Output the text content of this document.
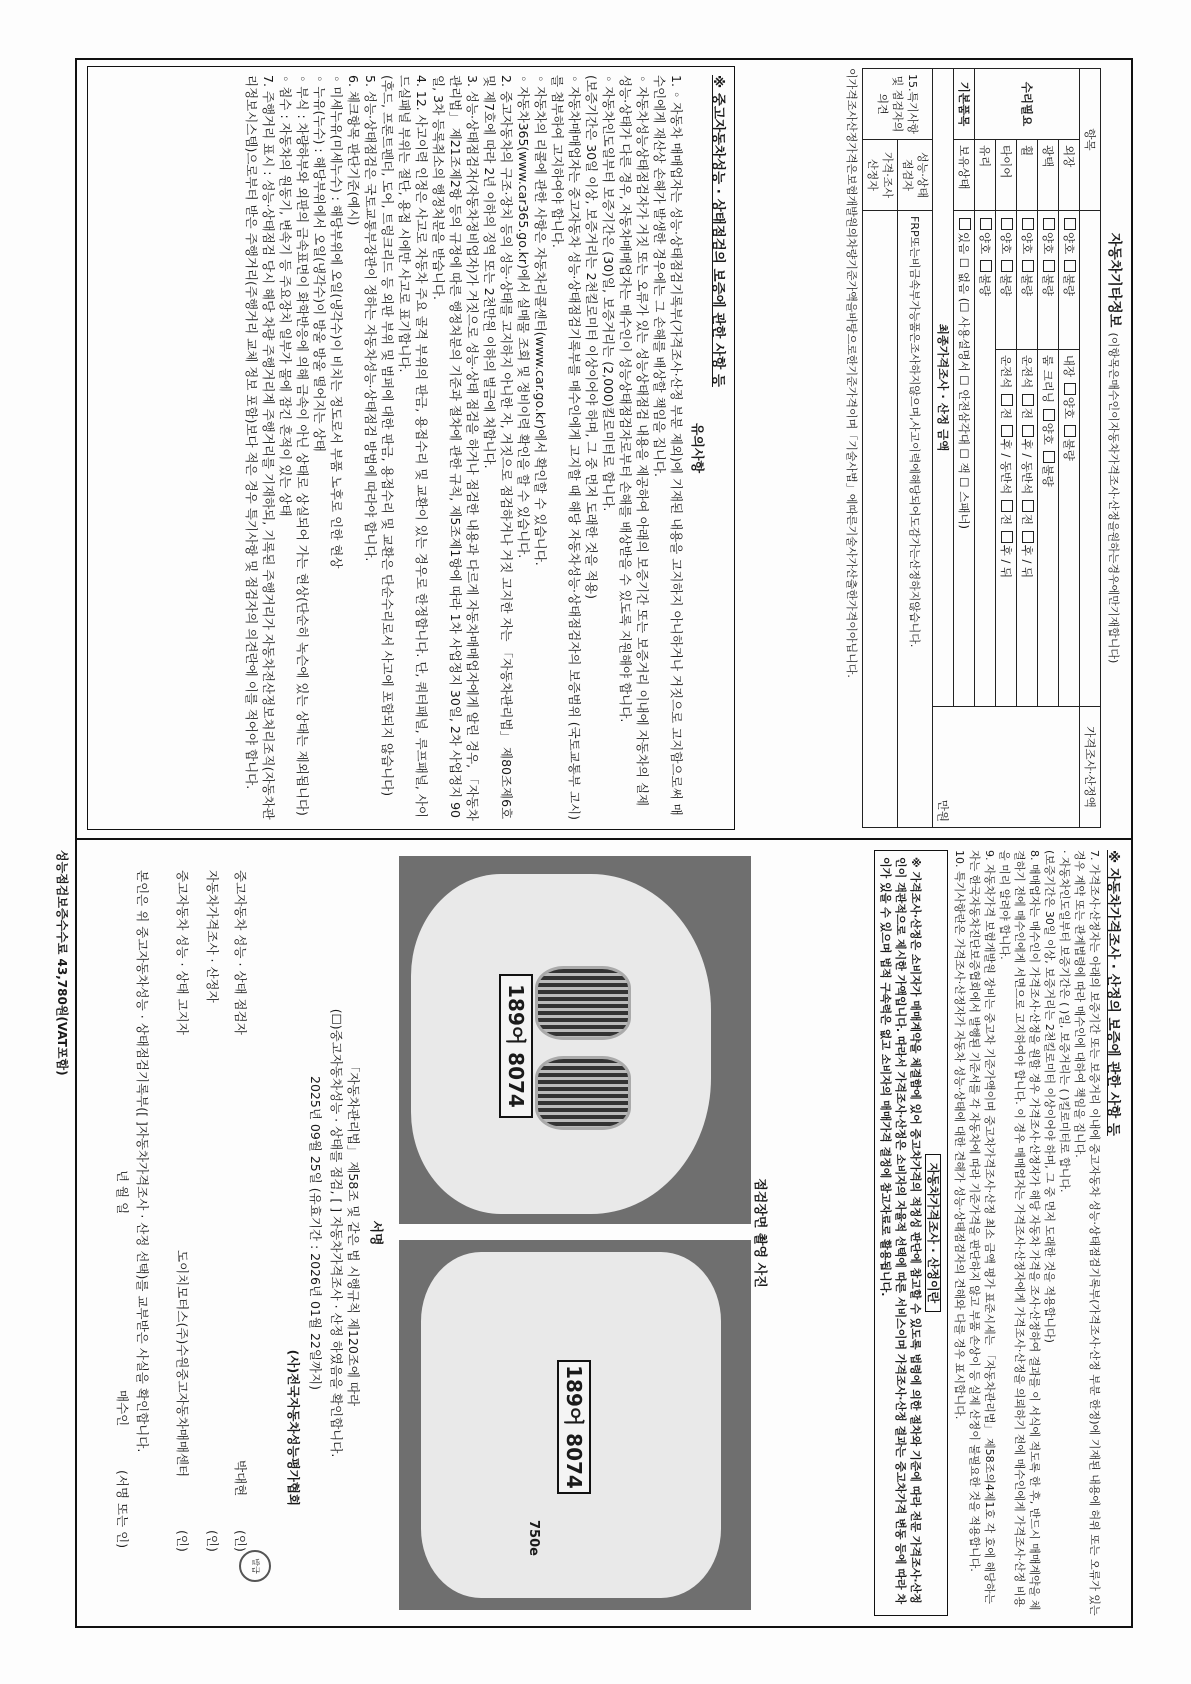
자동차기타정보 (이항목은매수인이자동차가격조사·산정을원하는경우에만기재합니다)
항목				가격조사·산정액
수리필요	외장	양호 불량	내장 양호 불량	만원
	광택	양호 불량	룸 크리닝 양호 불량	
	휠	양호 불량	운전석 전 후 / 동반석 전 후 / 뒤	
	타이어	양호 불량	운전석 전 후 / 동반석 전 후 / 뒤	
	유리	양호 불량		
기본품목	보유상태	있음 ☐ 없음 (☐ 사용설명서 ☐ 안전삼각대 ☐ 잭 ☐ 스패너)		
최종가격조사 · 산정 금액				
15.특기사항및 점검자의의견	성능·상태 점검자	FRP또는비금속부가능품은조사하지않으며,사고이력에해당되어도감가는산정하지않습니다.		
	가격·조사 산정자			
이가격조사산정가격은보험개발원의차량기준가액을바탕으로한기준가격이며「기술사법」에따른기술사가산출한가격이아닙니다.
※ 중고자동차성능 · 상태점검의 보증에 관한 사항 등
유의사항
1. ◦ 자동차 매매업자는 성능·상태점검기록부(가격조사·산정 부분 제외)에 기재된 내용을 고지하지 아니하거나 거짓으로 고지함으로써 매수인에게 재산상 손해가 발생한 경우에는 그 손해를 배상할 책임을 집니다.
◦ 자동차성능상태점검자가 거짓 또는 오류가 있는 성능상태점검 내용을 제공하여 아래의 보증기간 또는 보증거리 이내에 자동차의 실제 성능·상태가 다른 경우, 자동차매매업자는 매수인이 성능상태점검자로부터 손해를 배상받을 수 있도록 지원해야 합니다.
◦ 자동차인도일부터 보증기간은 (30)일, 보증거리는 (2,000)킬로미터로 합니다.
(보증기간은 30일 이상, 보증거리는 2천킬로미터 이상이어야 하며, 그 중 먼저 도래한 것을 적용)
◦ 자동차매매업자는 중고자동차 성능·상태점검기록부를 매수인에게 고지할 때 해당 자동차성능·상태점검자의 보증범위 (국토교통부 고시)를 첨부하여 고지하여야 합니다.
◦ 자동차의 리콜에 관한 사항은 자동차리콜센터(www.car.go.kr)에서 확인할 수 있습니다.
◦ 자동차365(www.car365.go.kr)에서 실매물 조회 및 정비이력 확인을 할 수 있습니다.
2. 중고자동차의 구조·장치 등의 성능·상태를 고지하지 아니한 자, 거짓으로 점검하거나 거짓 고지한 자는 「자동차관리법」 제80조제6호 및 제7호에 따라 2년 이하의 징역 또는 2천만원 이하의 벌금에 처합니다.
3. 성능·상태점검자(자동차정비업자)가 거짓으로 성능·상태 점검을 하거나 점검한 내용과 다르게 자동차매매업자에게 알린 경우, 「자동차관리법」 제21조제2항 등의 규정에 따른 행정처분의 기준과 절차에 관한 규칙, 제5조제1항에 따라 1차 사업정지 30일, 2차 사업정지 90일, 3차 등록취소의 행정처분을 받습니다.
4. 12. 사고이력 인정은 사고로 자동차 주요 골격 부위의 판금, 용접수리 및 교환이 있는 경우로 한정합니다. 단, 쿼터패널, 루프패널, 사이드실패널 부위는 절단, 용접 시에만 사고로 표기합니다.
(후드, 프론트펜더, 도어, 트렁크리드 등 외판 부위 및 범퍼에 대한 판금, 용접수리 및 교환은 단순수리로서 사고에 포함되지 않습니다)
5. 성능·상태점검은 국토교통부장관이 정하는 자동차성능·상태점검 방법에 따라야 합니다.
6. 체크항목 판단기준(예시)
◦ 미세누유(미세누수) : 해당부위에 오일(냉각수)이 비치는 정도로서 부품 노후로 인한 현상
◦ 누유(누수) : 해당부위에서 오일(냉각수)이 방울 방울 떨어지는 상태
◦ 부식 : 차량하부와 외판의 금속표면이 화학반응에 의해 금속이 아닌 상태로 상실되어 가는 현상(단순히 녹슨에 있는 상태는 제외됩니다)
◦ 침수 : 자동차의 원동기, 변속기 등 주요장치 일부가 물에 잠긴 흔적이 있는 상태
7. 주행거리 표시 : 성능·상태점검 당시 해당 차량 주행거리계 주행거리를 기재하되, 기록된 주행거리가 자동차전산정보처리조직(자동차관리정보시스템)으로부터 받은 주행거리(주행거리 교체 정보 포함)보다 적은 경우 특기사항 및 점검자의 의견란에 이를 적어야 합니다.
※ 자동차가격조사 · 산정의 보증에 관한 사항 등
7. 가격조사·산정자는 아래의 보증기간 또는 보증거리 이내에 중고자동차 성능·상태점검기록부(가격조사·산정 부분 한정)에 기재된 내용에 허위 또는 오류가 있는 경우 계약 또는 관계법령에 따라 매수인에 대하여 책임을 집니다.
· 자동차인도일부터 보증기간은 ( )일, 보증거리는 ( )킬로미터로 합니다.
(보증기간은 30일 이상, 보증거리는 2천킬로미터 이상이어야 하며, 그 중 먼저 도래한 것을 적용합니다)
8. 매매업자는 매수인이 가격조사·산정을 원할 경우 가격조사·산정자가 해당 자동차 가격을 조사·산정하여 결과를 이 서식에 적도록 한 후, 반드시 매매계약을 체결하기 전에 매수인에게 서면으로 고지하여야 합니다. 이 경우 매매업자는 가격조사·산정자에게 가격조사·산정을 의뢰하기 전에 매수인에게 가격조사·산정 비용을 미리 알려야 합니다.
9. 자동차가격 보험개발원 장비는 중고차 기준가액이며 중고차가격조사·산정 최소 금액 평가 표준시세는 「자동차관리법」 제58조의4제1호 각 호에 해당하는 자는 한국자동차진단보증협회에서 발행된 기준서를 각 자동차에 따라 기준가격을 판단하지 않고 부품 손상이 등 실제 산정이 불필요한 것을 적용합니다.
10. 특기사항란은 가격조사·산정자가 자동차 성능·상태에 대한 견해가 성능·상태점검자의 견해와 다를 경우 표시합니다.
자동차가격조사 · 산정이란
※ 가격조사·산정은 소비자가 매매계약을 체결함에 있어 중고차가격의 적정성 판단에 참고할 수 있도록 법령에 의한 절차와 기준에 따라 전문 가격조사·산정인이 객관적으로 제시한 가액입니다. 따라서 가격조사·산정은 소비자의 자율적 선택에 따른 서비스이며 가격조사·산정 결과는 중고차가격 변동 등에 따라 차이가 있을 수 있으며 법적 구속력은 없고 소비자의 매매가격 결정에 참고자료로 활용됩니다.
점검장면 촬영 사진
189어 8074
189어 8074
750e
서명
「자동차관리법」 제58조 및 같은 법 시행규칙 제120조에 따라
(☐)중고자동차성능 · 상태를 점검, [ ] 자동차가격조사 · 산정 하였음을 확인합니다.
2025년 09월 25일 (유효기간 : 2026년 01월 22일까지)
(사)전국자동차성능평가협회
발급
중고자동차 성능 · 상태 점검자
박대현
(인)
자동차가격조사 · 산정자
(인)
중고자동차 성능 · 상태 고지자
도이치모터스(주)수원중고자동차매매센터
(인)
본인은 위 중고자동차성능 · 상태점검기록부([ ]자동차가격조사 · 산정 선택)를 교부받은 사실을 확인합니다.
년 월 일
매수인
(서명 또는 인)
성능점검보증수수료 43,780원(VAT포함)
